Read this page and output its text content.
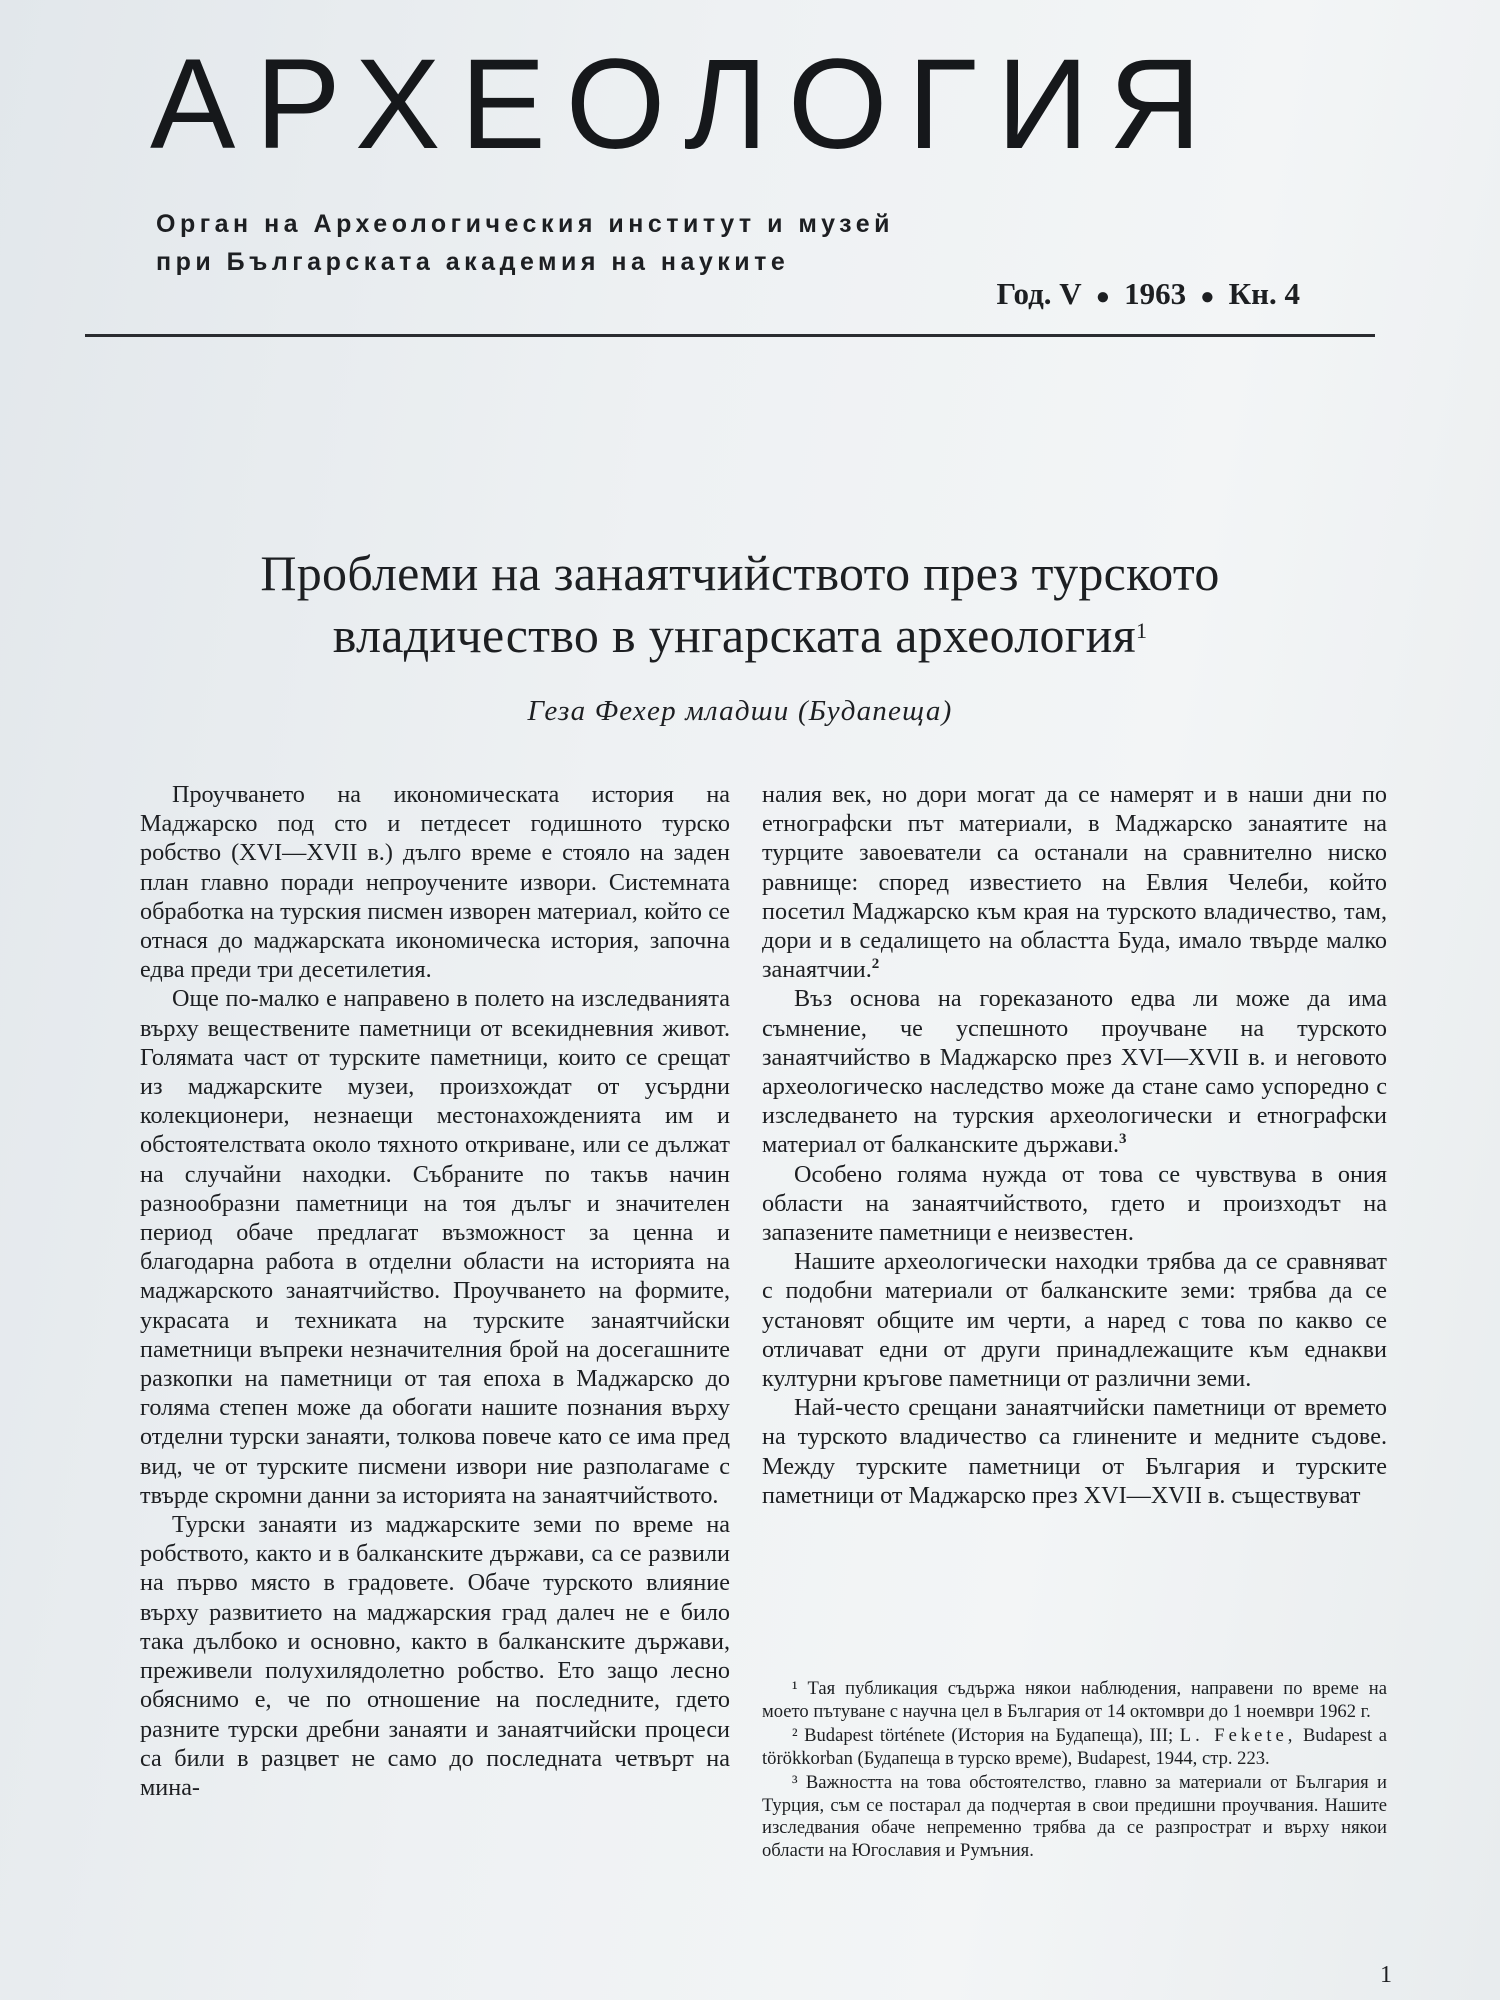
АРХЕОЛОГИЯ
Орган на Археологическия институт и музей
при Българската академия на науките
Год. V ● 1963 ● Кн. 4
Проблеми на занаятчийството през турското
владичество в унгарската археология$^1$
Геза Фехер младши (Будапеща)

Проучването на икономическата история на Маджарско под сто и петдесет годишното турско робство (XVI—XVII в.) дълго време е стояло на заден план главно поради непроучените извори. Системната обработка на турския писмен изворен материал, който се отнася до маджарската икономическа история, започна едва преди три десетилетия.

Още по-малко е направено в полето на изследванията върху веществените паметници от всекидневния живот. Голямата част от турските паметници, които се срещат из маджарските музеи, произхождат от усърдни колекционери, незнаещи местонахожденията им и обстоятелствата около тяхното откриване, или се дължат на случайни находки. Събраните по такъв начин разнообразни паметници на тоя дълъг и значителен период обаче предлагат възможност за ценна и благодарна работа в отделни области на историята на маджарското занаятчийство. Проучването на формите, украсата и техниката на турските занаятчийски паметници въпреки незначителния брой на досегашните разкопки на паметници от тая епоха в Маджарско до голяма степен може да обогати нашите познания върху отделни турски занаяти, толкова повече като се има пред вид, че от турските писмени извори ние разполагаме с твърде скромни данни за историята на занаятчийството.

Турски занаяти из маджарските земи по време на робството, както и в балканските държави, са се развили на първо място в градовете. Обаче турското влияние върху развитието на маджарския град далеч не е било така дълбоко и основно, както в балканските държави, преживели полухилядолетно робство. Ето защо лесно обяснимо е, че по отношение на последните, гдето разните турски дребни занаяти и занаятчийски процеси са били в разцвет не само до последната четвърт на мина-

налия век, но дори могат да се намерят и в наши дни по етнографски път материали, в Маджарско занаятите на турците завоеватели са останали на сравнително ниско равнище: според известието на Евлия Челеби, който посетил Маджарско към края на турското владичество, там, дори и в седалището на областта Буда, имало твърде малко занаятчии.$^2$

Въз основа на гореказаното едва ли може да има съмнение, че успешното проучване на турското занаятчийство в Маджарско през XVI—XVII в. и неговото археологическо наследство може да стане само успоредно с изследването на турския археологически и етнографски материал от балканските държави.$^3$

Особено голяма нужда от това се чувствува в ония области на занаятчийството, гдето и произходът на запазените паметници е неизвестен.

Нашите археологически находки трябва да се сравняват с подобни материали от балканските земи: трябва да се установят общите им черти, а наред с това по какво се отличават едни от други принадлежащите към еднакви културни кръгове паметници от различни земи.

Най-често срещани занаятчийски паметници от времето на турското владичество са глинените и медните съдове. Между турските паметници от България и турските паметници от Маджарско през XVI—XVII в. съществуват

¹ Тая публикация съдържа някои наблюдения, направени по време на моето пътуване с научна цел в България от 14 октомври до 1 ноември 1962 г.

² Budapest története (История на Будапеща), III; L. Fekete, Budapest a törökkorban (Будапеща в турско време), Budapest, 1944, стр. 223.

³ Важността на това обстоятелство, главно за материали от България и Турция, съм се постарал да подчертая в свои предишни проучвания. Нашите изследвания обаче непременно трябва да се разпрострат и върху някои области на Югославия и Румъния.

1
